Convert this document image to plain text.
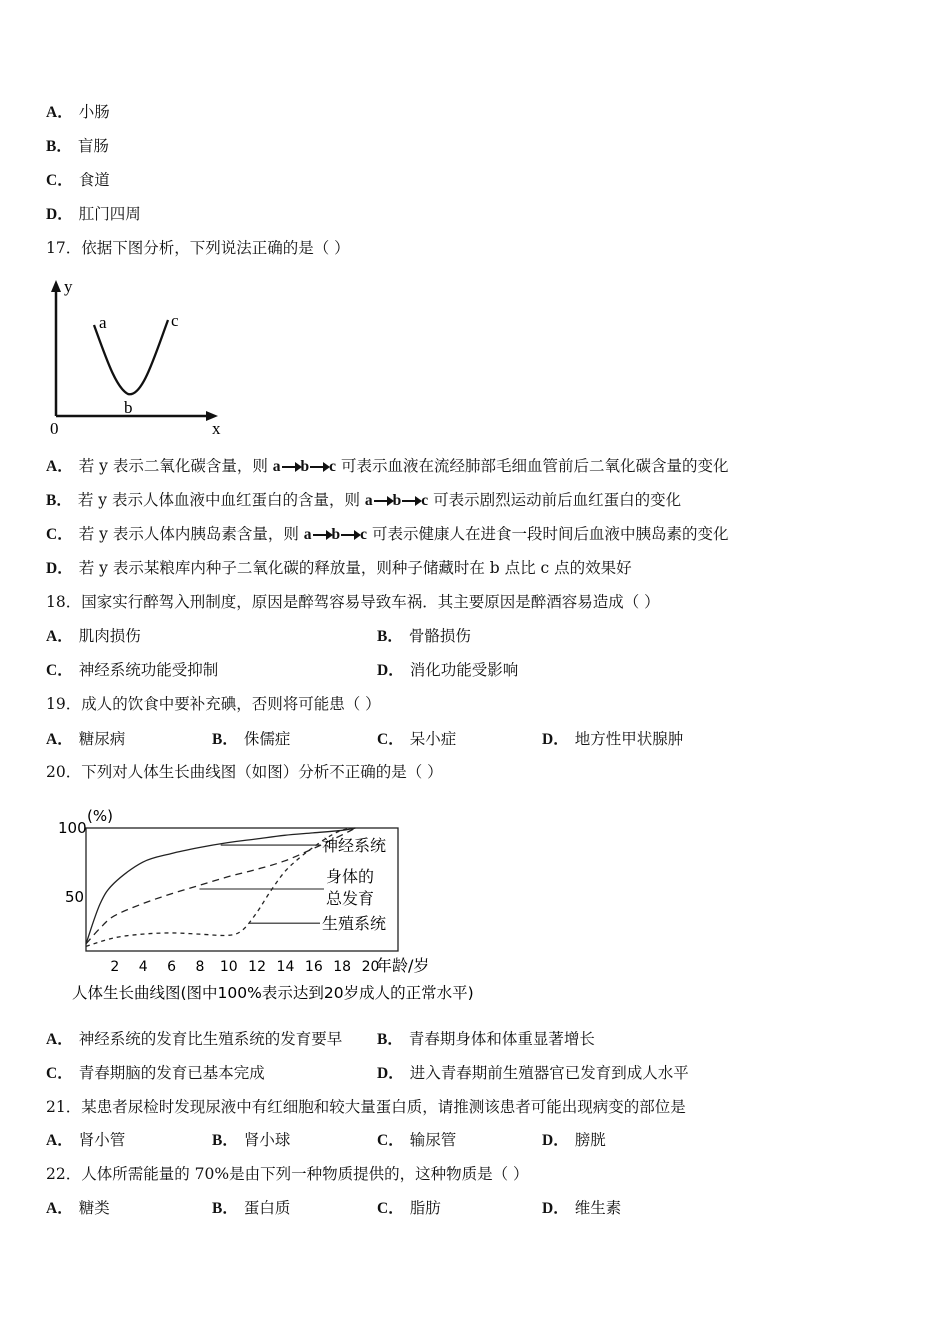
A． 小肠
B． 盲肠
C． 食道
D． 肛门四周
17．依据下图分析，下列说法正确的是（ ）
y
x
0
a
b
c
A． 若 y 表示二氧化碳含量，则 a b c 可表示血液在流经肺部毛细血管前后二氧化碳含量的变化
B． 若 y 表示人体血液中血红蛋白的含量，则 a b c 可表示剧烈运动前后血红蛋白的变化
C． 若 y 表示人体内胰岛素含量，则 a b c 可表示健康人在进食一段时间后血液中胰岛素的变化
D． 若 y 表示某粮库内种子二氧化碳的释放量，则种子储藏时在 b 点比 c 点的效果好
18．国家实行醉驾入刑制度，原因是醉驾容易导致车祸．其主要原因是醉酒容易造成（ ）
A． 肌肉损伤	B． 骨骼损伤
C． 神经系统功能受抑制	D． 消化功能受影响
19．成人的饮食中要补充碘，否则将可能患（ ）
A． 糖尿病	B． 侏儒症	C． 呆小症	D． 地方性甲状腺肿
20．下列对人体生长曲线图（如图）分析不正确的是（ ）
(%)
100
50
2 4 6 8 10 12 14 16 18 20
年龄/岁
神经系统
身体的
总发育
生殖系统
人体生长曲线图(图中100%表示达到20岁成人的正常水平)
A． 神经系统的发育比生殖系统的发育要早 B． 青春期身体和体重显著增长
C． 青春期脑的发育已基本完成	D． 进入青春期前生殖器官已发育到成人水平
21．某患者尿检时发现尿液中有红细胞和较大量蛋白质，请推测该患者可能出现病变的部位是
A． 肾小管	B． 肾小球	C． 输尿管	D． 膀胱
22．人体所需能量的 70%是由下列一种物质提供的，这种物质是（ ）
A． 糖类	B． 蛋白质	C． 脂肪	D． 维生素
